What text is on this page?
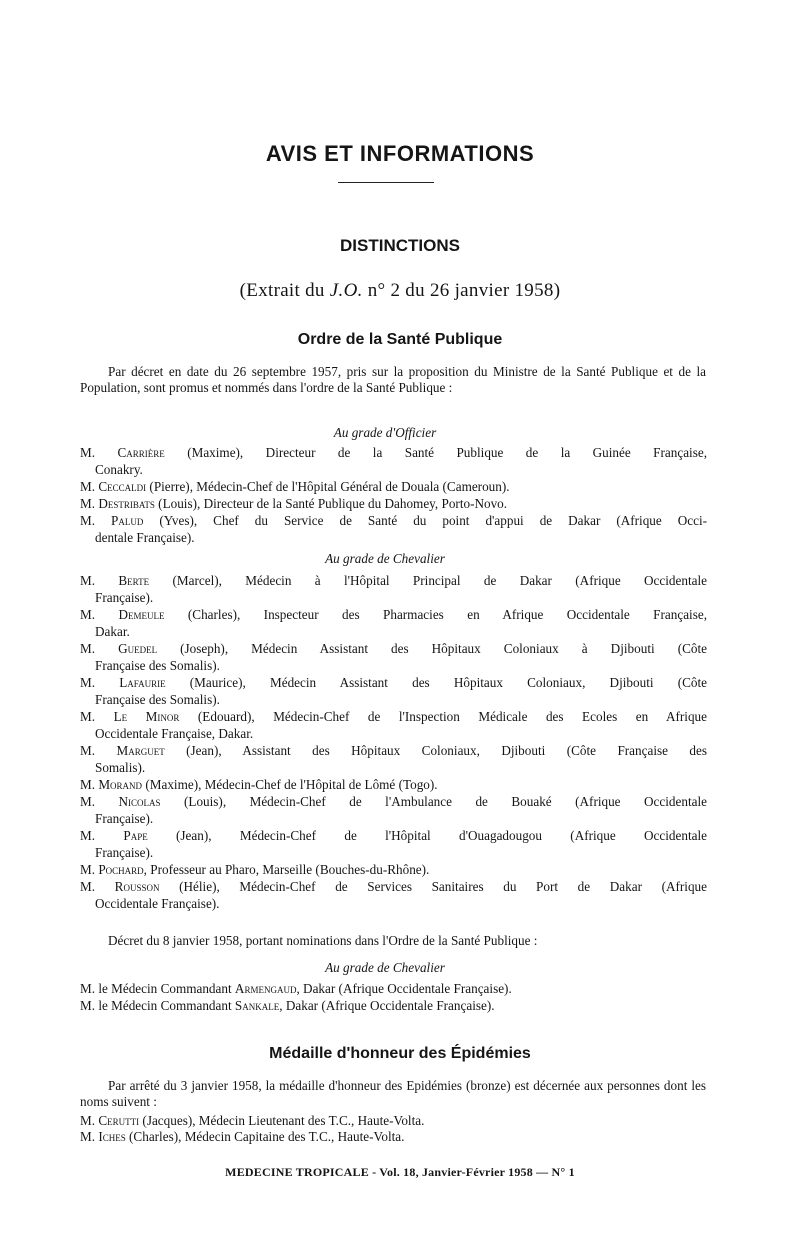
AVIS ET INFORMATIONS
DISTINCTIONS
(Extrait du J.O. n° 2 du 26 janvier 1958)
Ordre de la Santé Publique
Par décret en date du 26 septembre 1957, pris sur la proposition du Ministre de la Santé Publique et de la Population, sont promus et nommés dans l'ordre de la Santé Publique :
Au grade d'Officier
M. Carrière (Maxime), Directeur de la Santé Publique de la Guinée Française,
Conakry.
M. Ceccaldi (Pierre), Médecin-Chef de l'Hôpital Général de Douala (Cameroun).
M. Destribats (Louis), Directeur de la Santé Publique du Dahomey, Porto-Novo.
M. Palud (Yves), Chef du Service de Santé du point d'appui de Dakar (Afrique Occi-
dentale Française).
Au grade de Chevalier
M. Berte (Marcel), Médecin à l'Hôpital Principal de Dakar (Afrique Occidentale
Française).
M. Demeule (Charles), Inspecteur des Pharmacies en Afrique Occidentale Française,
Dakar.
M. Guedel (Joseph), Médecin Assistant des Hôpitaux Coloniaux à Djibouti (Côte
Française des Somalis).
M. Lafaurie (Maurice), Médecin Assistant des Hôpitaux Coloniaux, Djibouti (Côte
Française des Somalis).
M. Le Minor (Edouard), Médecin-Chef de l'Inspection Médicale des Ecoles en Afrique
Occidentale Française, Dakar.
M. Marguet (Jean), Assistant des Hôpitaux Coloniaux, Djibouti (Côte Française des
Somalis).
M. Morand (Maxime), Médecin-Chef de l'Hôpital de Lômé (Togo).
M. Nicolas (Louis), Médecin-Chef de l'Ambulance de Bouaké (Afrique Occidentale
Française).
M. Pape (Jean), Médecin-Chef de l'Hôpital d'Ouagadougou (Afrique Occidentale
Française).
M. Pochard, Professeur au Pharo, Marseille (Bouches-du-Rhône).
M. Rousson (Hélie), Médecin-Chef de Services Sanitaires du Port de Dakar (Afrique
Occidentale Française).
Décret du 8 janvier 1958, portant nominations dans l'Ordre de la Santé Publique :
Au grade de Chevalier
M. le Médecin Commandant Armengaud, Dakar (Afrique Occidentale Française).
M. le Médecin Commandant Sankale, Dakar (Afrique Occidentale Française).
Médaille d'honneur des Épidémies
Par arrêté du 3 janvier 1958, la médaille d'honneur des Epidémies (bronze) est décernée aux personnes dont les noms suivent :
M. Cerutti (Jacques), Médecin Lieutenant des T.C., Haute-Volta.
M. Iches (Charles), Médecin Capitaine des T.C., Haute-Volta.
MEDECINE TROPICALE - Vol. 18, Janvier-Février 1958 — N° 1
